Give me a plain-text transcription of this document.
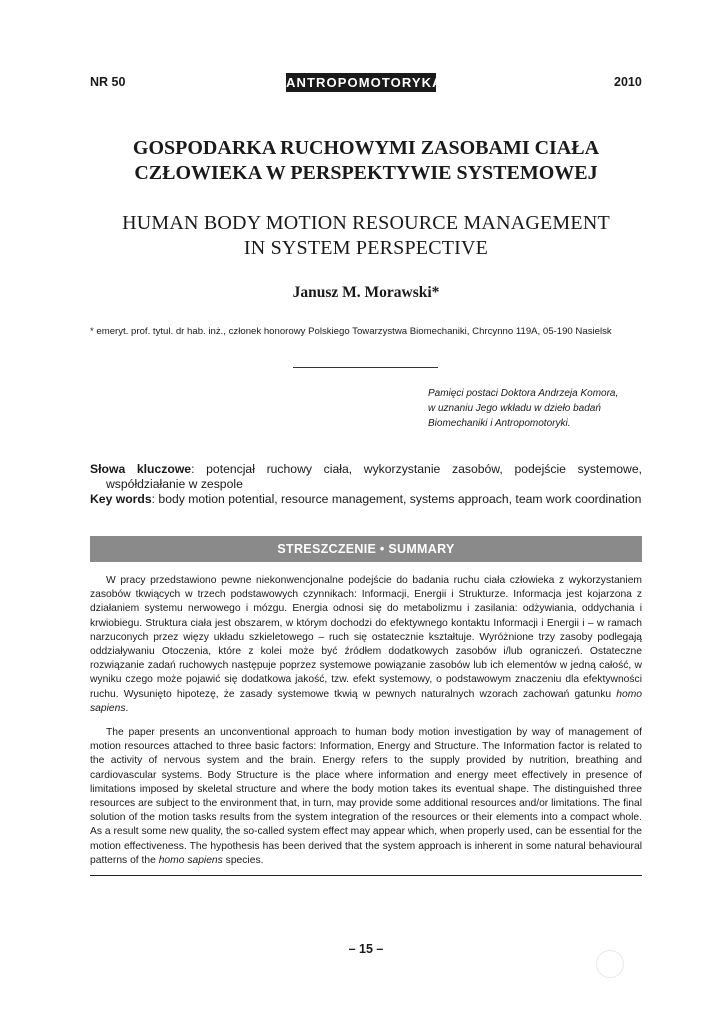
NR 50	ANTROPOMOTORYKA	2010
GOSPODARKA RUCHOWYMI ZASOBAMI CIAŁA
CZŁOWIEKA W PERSPEKTYWIE SYSTEMOWEJ
HUMAN BODY MOTION RESOURCE MANAGEMENT
IN SYSTEM PERSPECTIVE
Janusz M. Morawski*
* emeryt. prof. tytul. dr hab. inż., członek honorowy Polskiego Towarzystwa Biomechaniki, Chrcynno 119A, 05-190 Nasielsk
Pamięci postaci Doktora Andrzeja Komora,
w uznaniu Jego wkładu w dzieło badań
Biomechaniki i Antropomotoryki.
Słowa kluczowe: potencjał ruchowy ciała, wykorzystanie zasobów, podejście systemowe, współdziałanie w zespole
Key words: body motion potential, resource management, systems approach, team work coordination
STRESZCZENIE • SUMMARY

W pracy przedstawiono pewne niekonwencjonalne podejście do badania ruchu ciała człowieka z wykorzystaniem zasobów tkwiących w trzech podstawowych czynnikach: Informacji, Energii i Strukturze. Informacja jest kojarzona z działaniem systemu nerwowego i mózgu. Energia odnosi się do metabolizmu i zasilania: odżywiania, oddychania i krwiobiegu. Struktura ciała jest obszarem, w którym dochodzi do efektywnego kontaktu Informacji i Energii i – w ramach narzuconych przez więzy układu szkieletowego – ruch się ostatecznie kształtuje. Wyróżnione trzy zasoby podlegają oddziaływaniu Otoczenia, które z kolei może być źródłem dodatkowych zasobów i/lub ograniczeń. Ostateczne rozwiązanie zadań ruchowych następuje poprzez systemowe powiązanie zasobów lub ich elementów w jedną całość, w wyniku czego może pojawić się dodatkowa jakość, tzw. efekt systemowy, o podstawowym znaczeniu dla efektywności ruchu. Wysunięto hipotezę, że zasady systemowe tkwią w pewnych naturalnych wzorach zachowań gatunku homo sapiens.

The paper presents an unconventional approach to human body motion investigation by way of management of motion resources attached to three basic factors: Information, Energy and Structure. The Information factor is related to the activity of nervous system and the brain. Energy refers to the supply provided by nutrition, breathing and cardiovascular systems. Body Structure is the place where information and energy meet effectively in presence of limitations imposed by skeletal structure and where the body motion takes its eventual shape. The distinguished three resources are subject to the environment that, in turn, may provide some additional resources and/or limitations. The final solution of the motion tasks results from the system integration of the resources or their elements into a compact whole. As a result some new quality, the so-called system effect may appear which, when properly used, can be essential for the motion effectiveness. The hypothesis has been derived that the system approach is inherent in some natural behavioural patterns of the homo sapiens species.

– 15 –
